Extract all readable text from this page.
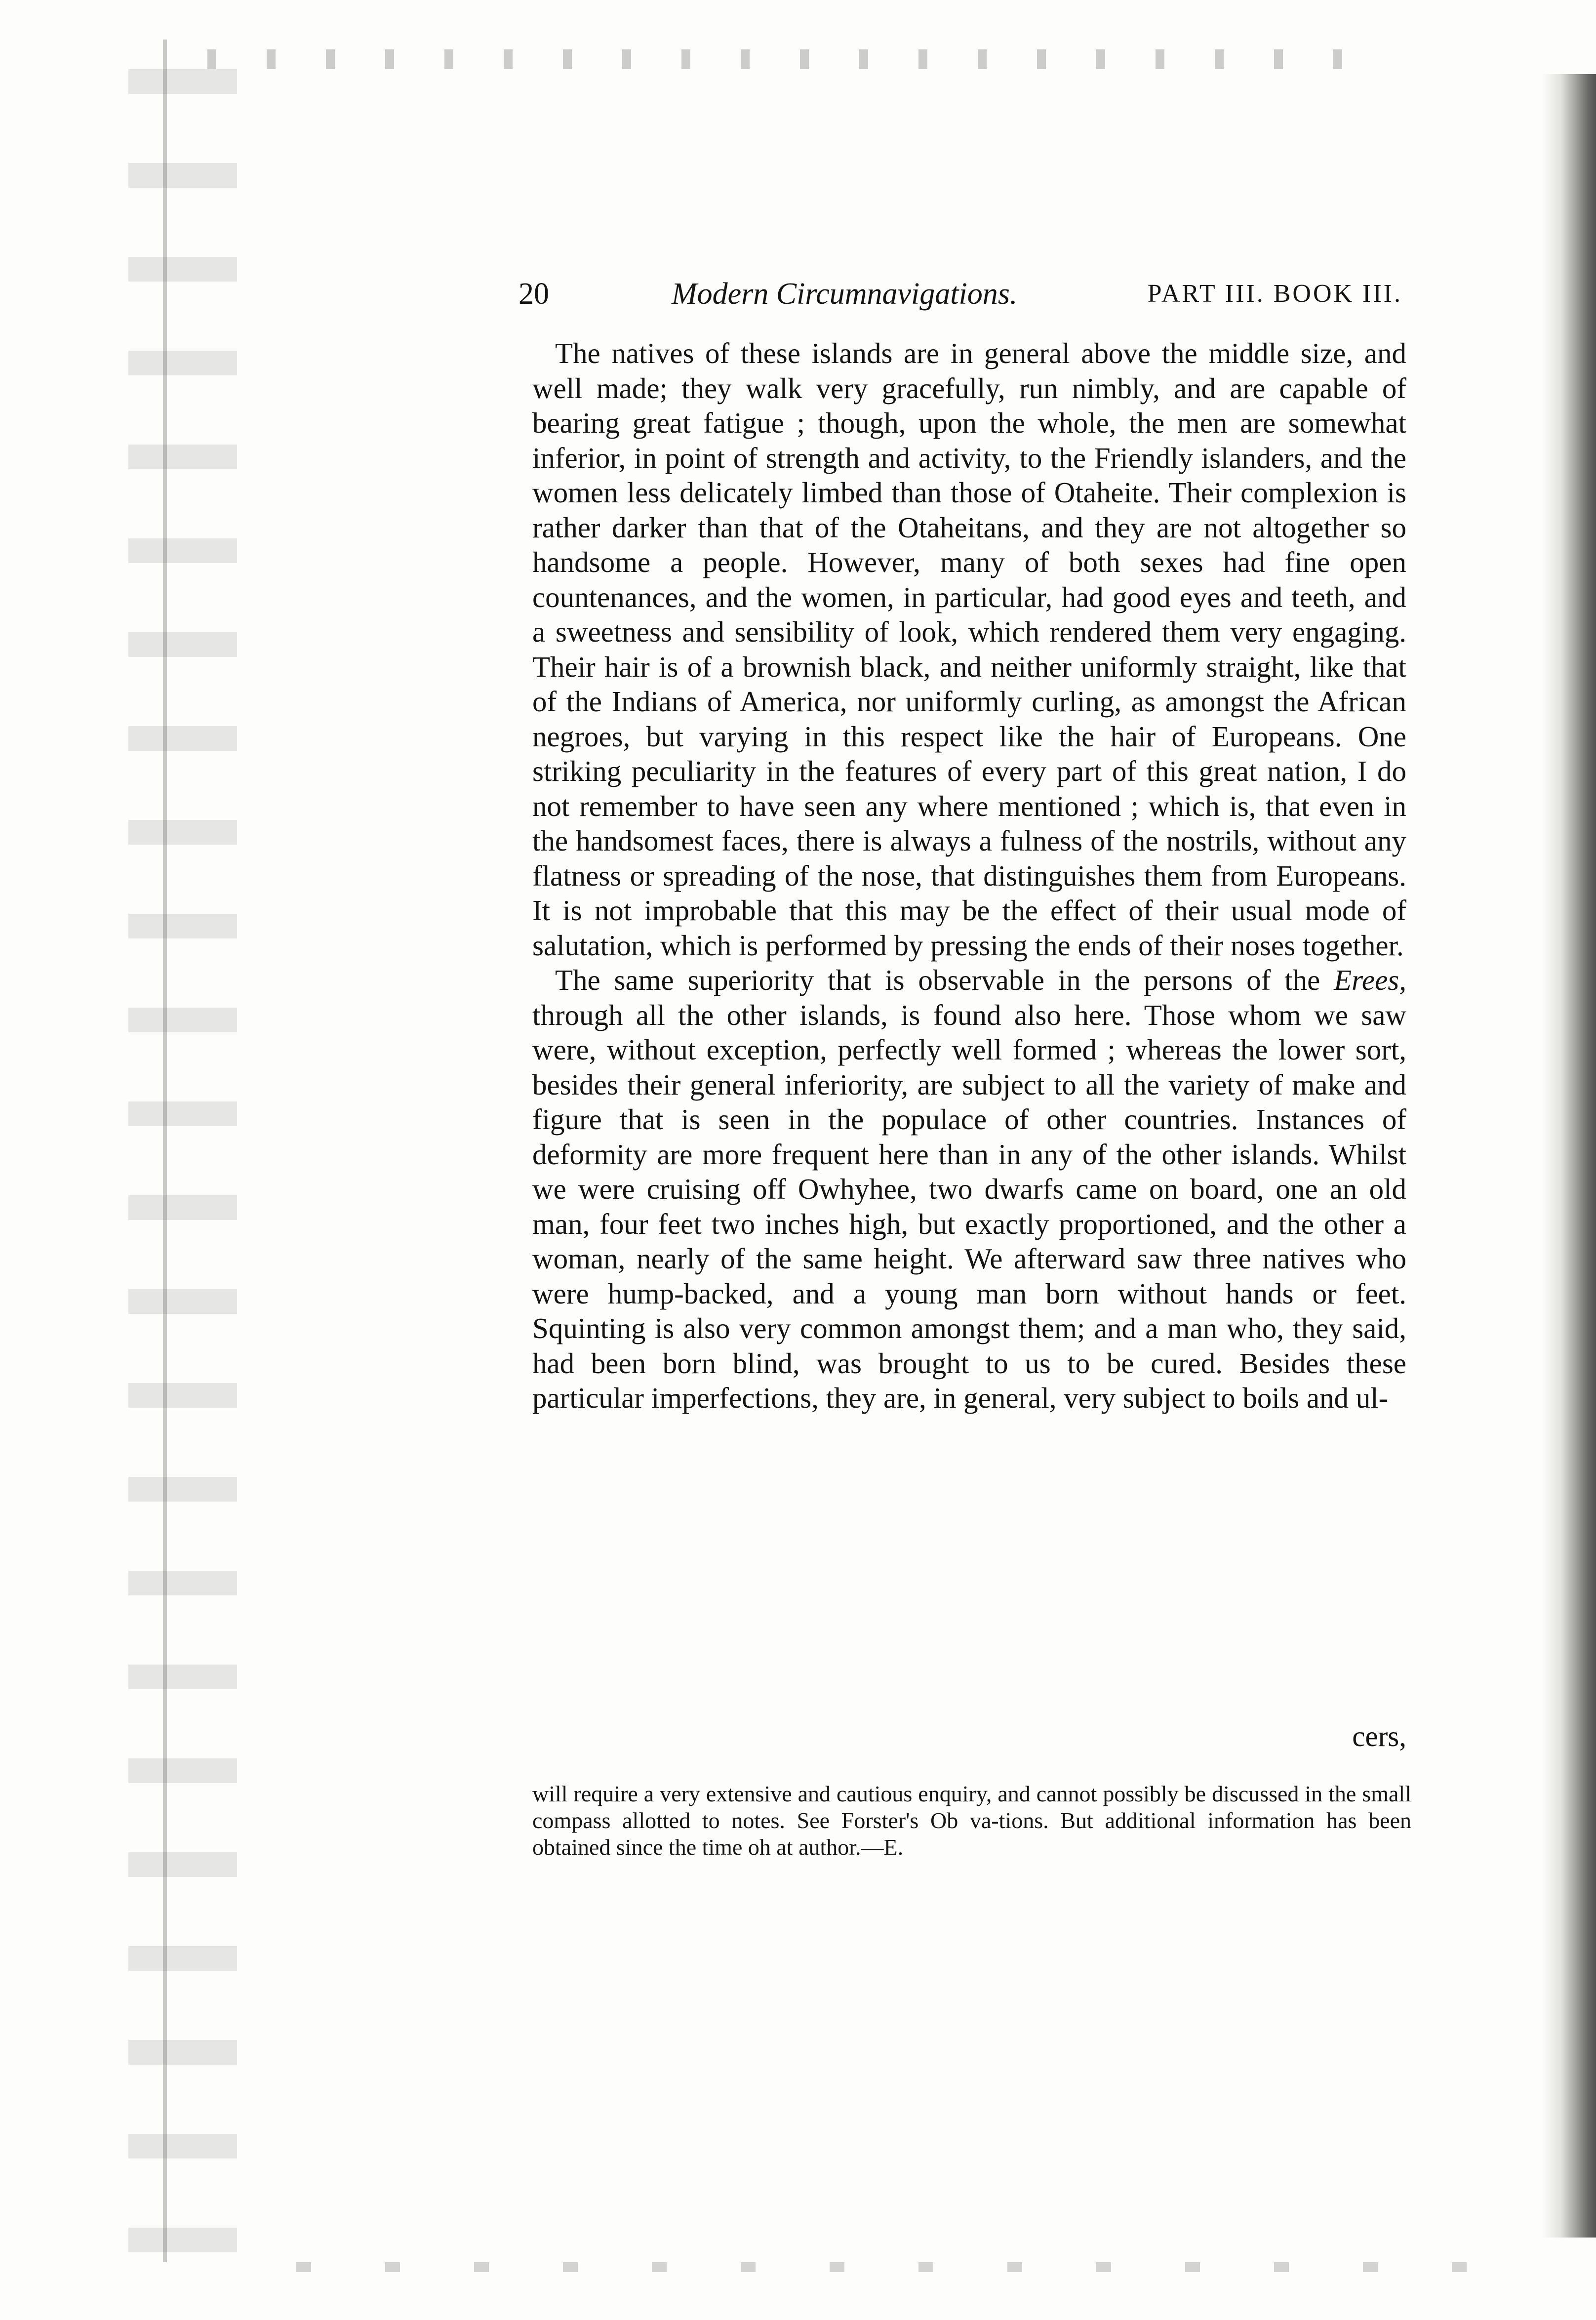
20	Modern Circumnavigations.	PART III. BOOK III.

The natives of these islands are in general above the middle size, and well made; they walk very gracefully, run nimbly, and are capable of bearing great fatigue ; though, upon the whole, the men are somewhat inferior, in point of strength and activity, to the Friendly islanders, and the women less delicately limbed than those of Otaheite. Their complexion is rather darker than that of the Otaheitans, and they are not altogether so handsome a people. However, many of both sexes had fine open countenances, and the women, in particular, had good eyes and teeth, and a sweetness and sensibility of look, which rendered them very engaging. Their hair is of a brownish black, and neither uniformly straight, like that of the Indians of America, nor uniformly curling, as amongst the African negroes, but varying in this respect like the hair of Europeans. One striking peculiarity in the features of every part of this great nation, I do not remember to have seen any where mentioned ; which is, that even in the handsomest faces, there is always a fulness of the nostrils, without any flatness or spreading of the nose, that distinguishes them from Europeans. It is not improbable that this may be the effect of their usual mode of salutation, which is performed by pressing the ends of their noses together.

The same superiority that is observable in the persons of the Erees, through all the other islands, is found also here. Those whom we saw were, without exception, perfectly well formed ; whereas the lower sort, besides their general inferiority, are subject to all the variety of make and figure that is seen in the populace of other countries. Instances of deformity are more frequent here than in any of the other islands. Whilst we were cruising off Owhyhee, two dwarfs came on board, one an old man, four feet two inches high, but exactly proportioned, and the other a woman, nearly of the same height. We afterward saw three natives who were hump-backed, and a young man born without hands or feet. Squinting is also very common amongst them; and a man who, they said, had been born blind, was brought to us to be cured. Besides these particular imperfections, they are, in general, very subject to boils and ul-

cers,
will require a very extensive and cautious enquiry, and cannot possibly be discussed in the small compass allotted to notes. See Forster's Ob va-tions. But additional information has been obtained since the time oh at author.—E.
